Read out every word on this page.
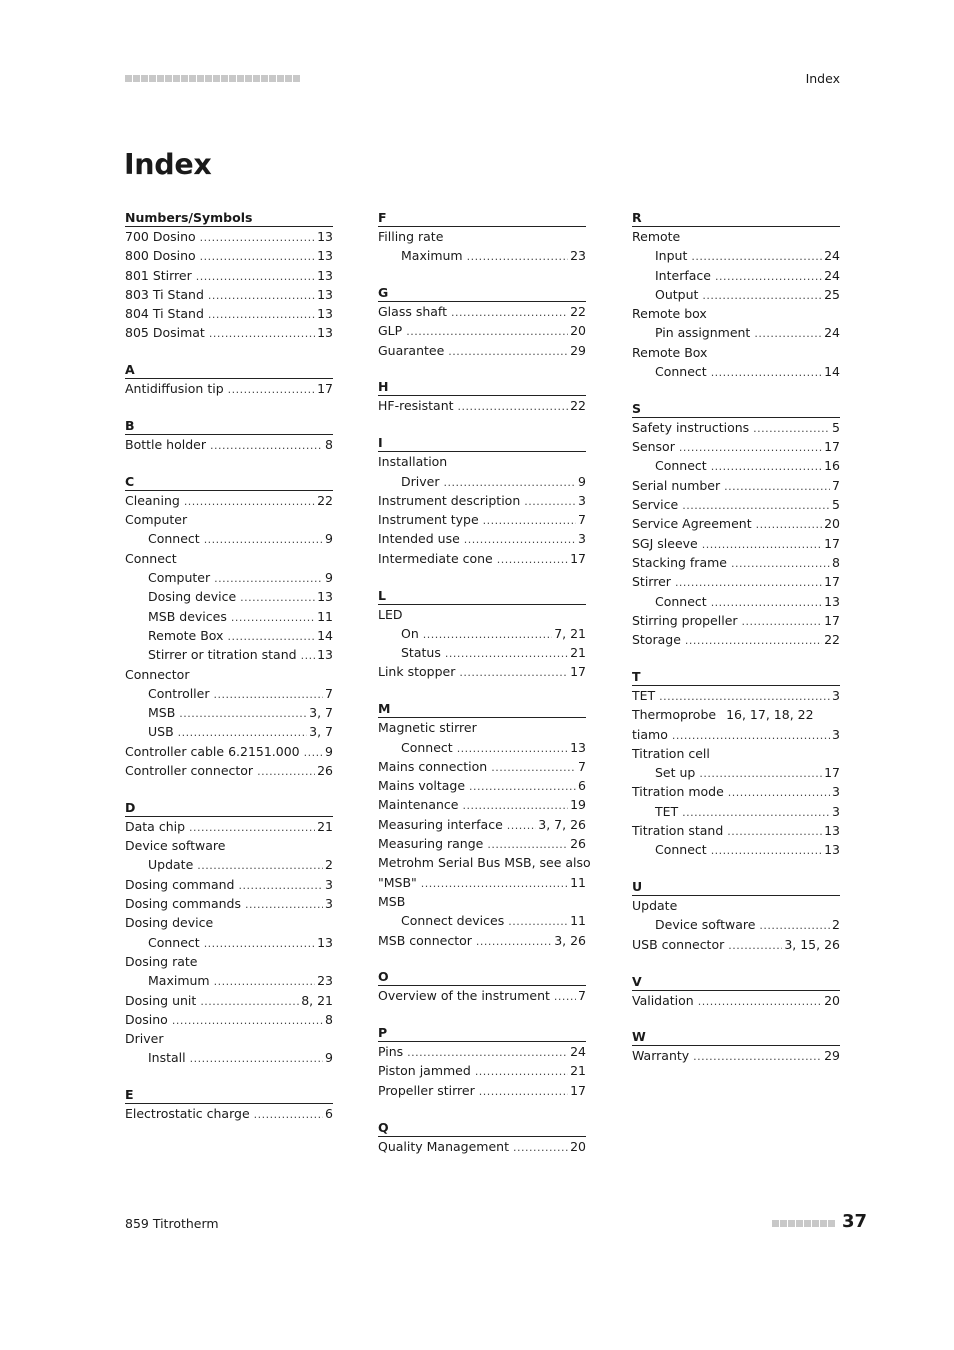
Index
Index
Numbers/Symbols
700 Dosino .....	13
800 Dosino .....	13
801 Stirrer .....	13
803 Ti Stand .....	13
804 Ti Stand .....	13
805 Dosimat .....	13
A
Antidiffusion tip .....	17
B
Bottle holder .....	8
C
Cleaning .....	22
Computer
Connect .....	9
Connect
Computer .....	9
Dosing device .....	13
MSB devices .....	11
Remote Box .....	14
Stirrer or titration stand ..... 13
Connector
Controller .....	7
MSB .....	3, 7
USB .....	3, 7
Controller cable 6.2151.000 ..... 9
Controller connector .....	26
D
Data chip .....	21
Device software
Update .....	2
Dosing command .....	3
Dosing commands .....	3
Dosing device
Connect .....	13
Dosing rate
Maximum .....	23
Dosing unit .....	8, 21
Dosino .....	8
Driver
Install .....	9
E
Electrostatic charge .....	6
F
Filling rate
Maximum .....	23
G
Glass shaft .....	22
GLP .....	20
Guarantee .....	29
H
HF-resistant .....	22
I
Installation
Driver .....	9
Instrument description .....	3
Instrument type .....	7
Intended use .....	3
Intermediate cone .....	17
L
LED
On .....	7, 21
Status .....	21
Link stopper .....	17
M
Magnetic stirrer
Connect .....	13
Mains connection .....	7
Mains voltage .....	6
Maintenance .....	19
Measuring interface .....	3, 7, 26
Measuring range .....	26
Metrohm Serial Bus MSB, see also
"MSB" .....	11
MSB
Connect devices .....	11
MSB connector .....	3, 26
O
Overview of the instrument ..... 7
P
Pins .....	24
Piston jammed .....	21
Propeller stirrer .....	17
Q
Quality Management .....	20
R
Remote
Input .....	24
Interface .....	24
Output .....	25
Remote box
Pin assignment .....	24
Remote Box
Connect .....	14
S
Safety instructions .....	5
Sensor .....	17
Connect .....	16
Serial number .....	7
Service .....	5
Service Agreement .....	20
SGJ sleeve .....	17
Stacking frame .....	8
Stirrer .....	17
Connect .....	13
Stirring propeller .....	17
Storage .....	22
T
TET .....	3
Thermoprobe 16, 17, 18, 22
tiamo .....	3
Titration cell
Set up .....	17
Titration mode .....	3
TET .....	3
Titration stand .....	13
Connect .....	13
U
Update
Device software .....	2
USB connector .....	3, 15, 26
V
Validation .....	20
W
Warranty .....	29
859 Titrotherm	37
